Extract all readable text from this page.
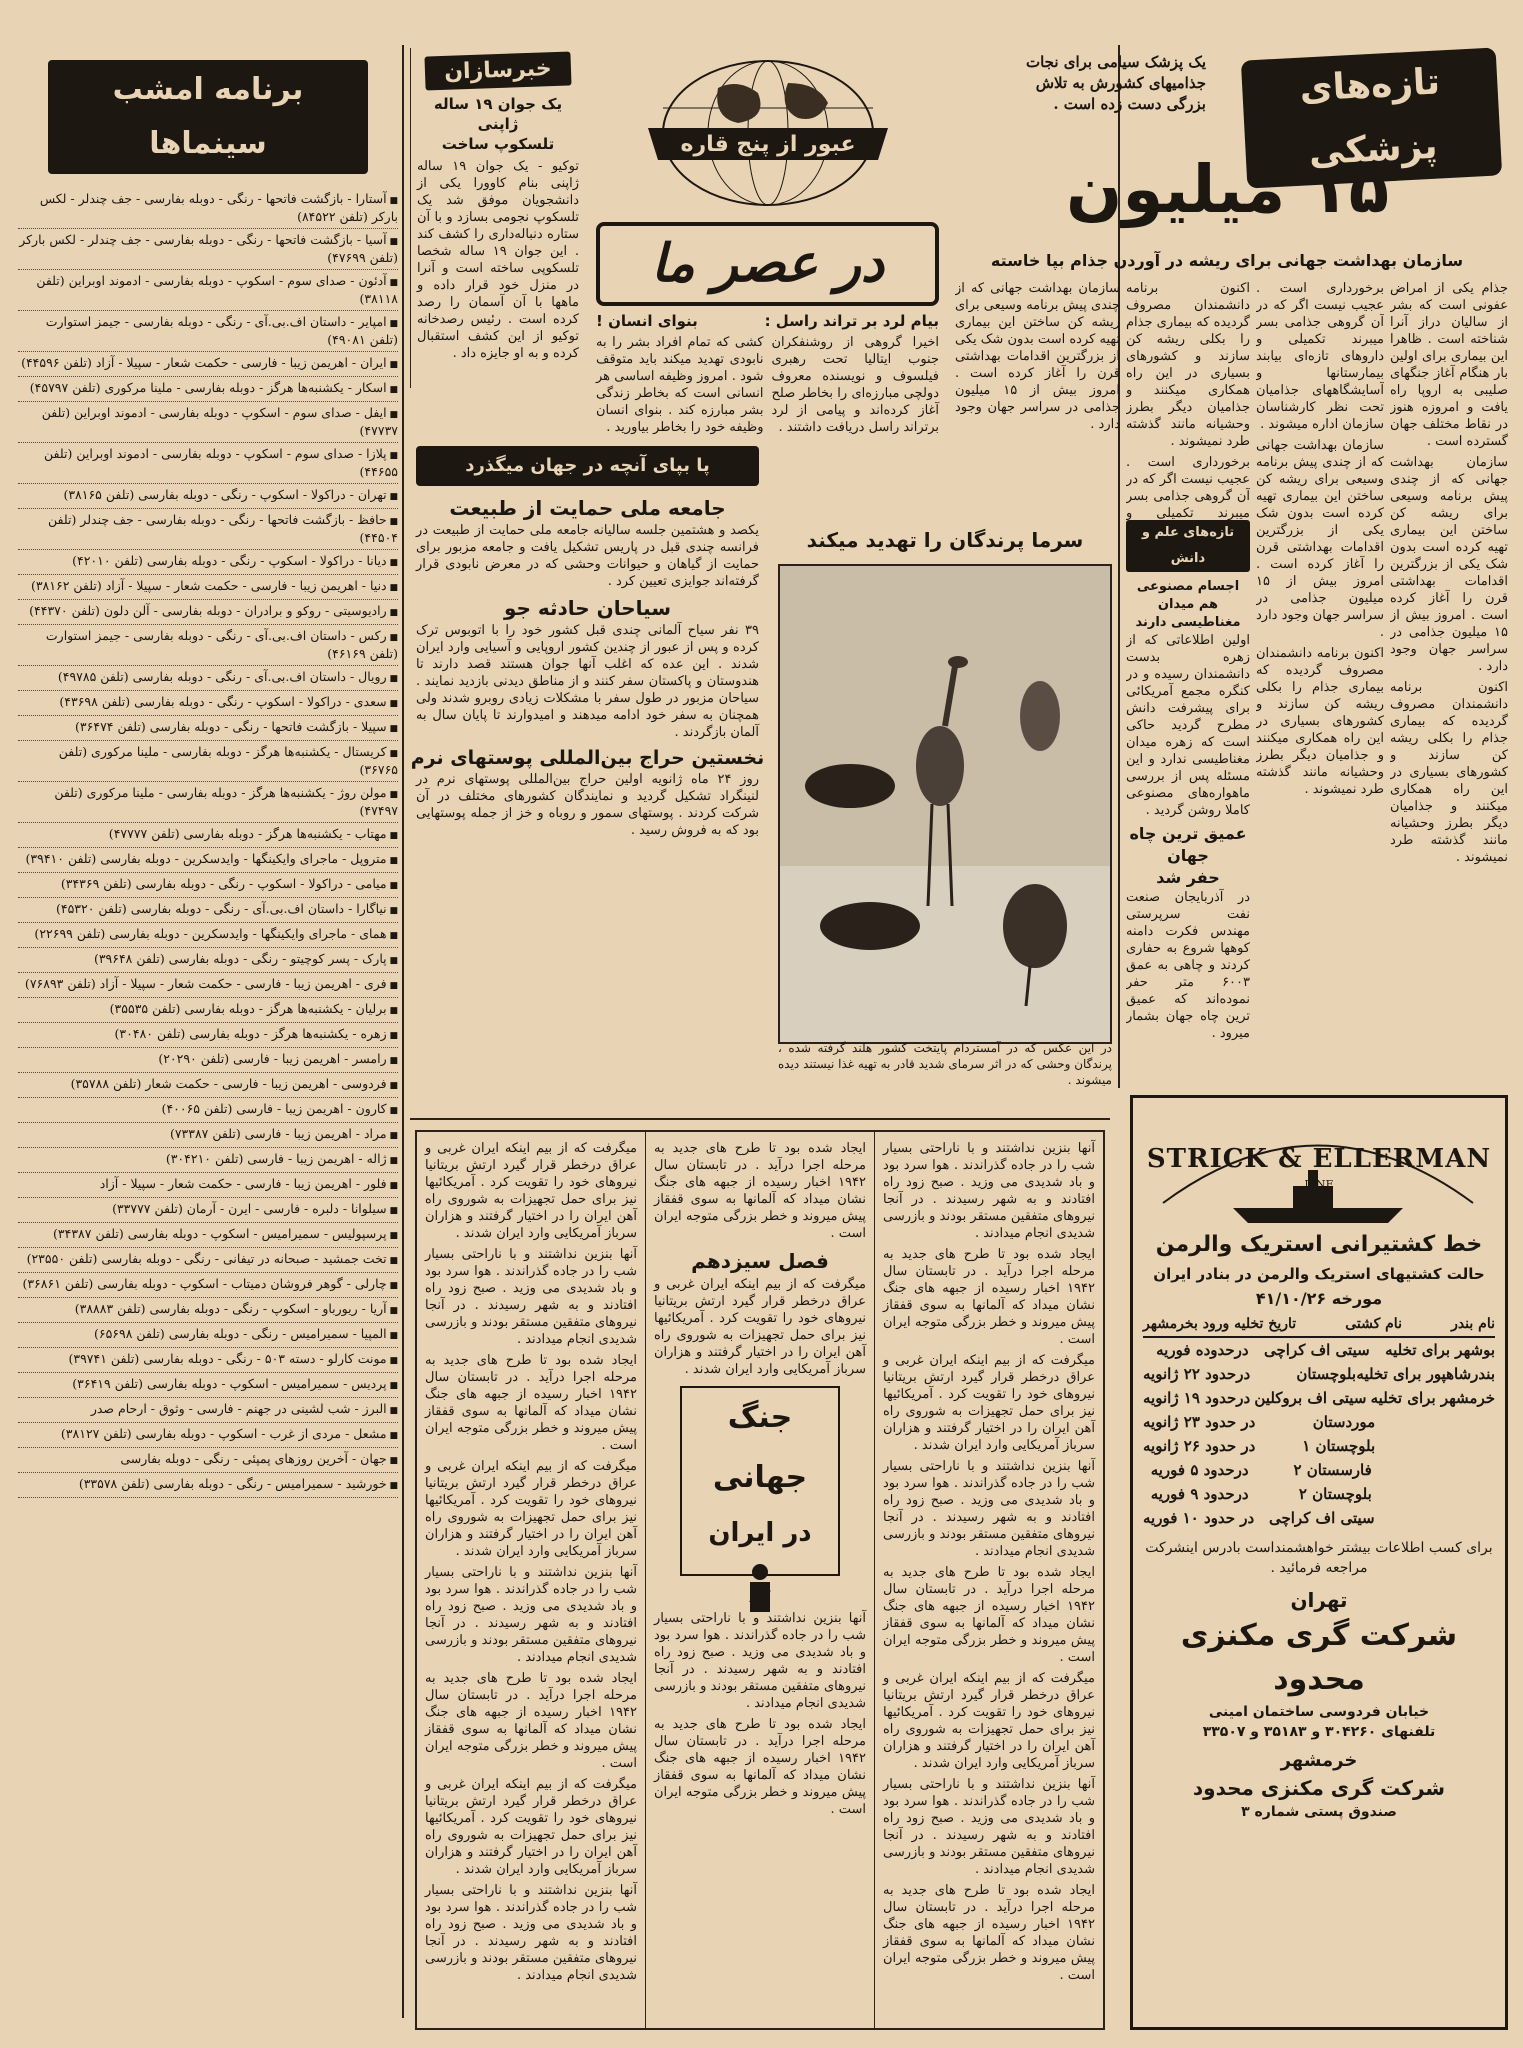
برنامه امشب سینماها
■ آستارا - بازگشت فاتحها - رنگی - دوبله بفارسی - جف چندلر - لکس بارکر (تلفن ۸۴۵۲۲)
■ آسیا - بازگشت فاتحها - رنگی - دوبله بفارسی - جف چندلر - لکس بارکر (تلفن ۴۷۶۹۹)
■ آدئون - صدای سوم - اسکوپ - دوبله بفارسی - ادموند اوبراین (تلفن ۳۸۱۱۸)
■ امپایر - داستان اف.بی.آی - رنگی - دوبله بفارسی - جیمز استوارت (تلفن ۴۹۰۸۱)
■ ایران - اهریمن زیبا - فارسی - حکمت شعار - سپیلا - آزاد (تلفن ۴۴۵۹۶)
■ اسکار - یکشنبه‌ها هرگز - دوبله بفارسی - ملینا مرکوری (تلفن ۴۵۷۹۷)
■ ایفل - صدای سوم - اسکوپ - دوبله بفارسی - ادموند اوبراین (تلفن ۴۷۷۳۷)
■ پلازا - صدای سوم - اسکوپ - دوبله بفارسی - ادموند اوبراین (تلفن ۴۴۶۵۵)
■ تهران - دراکولا - اسکوپ - رنگی - دوبله بفارسی (تلفن ۳۸۱۶۵)
■ حافظ - بازگشت فاتحها - رنگی - دوبله بفارسی - جف چندلر (تلفن ۴۴۵۰۴)
■ دیانا - دراکولا - اسکوپ - رنگی - دوبله بفارسی (تلفن ۴۲۰۱۰)
■ دنیا - اهریمن زیبا - فارسی - حکمت شعار - سپیلا - آزاد (تلفن ۳۸۱۶۲)
■ رادیوسیتی - روکو و برادران - دوبله بفارسی - آلن دلون (تلفن ۴۴۳۷۰)
■ رکس - داستان اف.بی.آی - رنگی - دوبله بفارسی - جیمز استوارت (تلفن ۴۶۱۶۹)
■ رویال - داستان اف.بی.آی - رنگی - دوبله بفارسی (تلفن ۴۹۷۸۵)
■ سعدی - دراکولا - اسکوپ - رنگی - دوبله بفارسی (تلفن ۴۳۶۹۸)
■ سپیلا - بازگشت فاتحها - رنگی - دوبله بفارسی (تلفن ۳۶۴۷۴)
■ کریستال - یکشنبه‌ها هرگز - دوبله بفارسی - ملینا مرکوری (تلفن ۳۶۷۶۵)
■ مولن روژ - یکشنبه‌ها هرگز - دوبله بفارسی - ملینا مرکوری (تلفن ۴۷۴۹۷)
■ مهتاب - یکشنبه‌ها هرگز - دوبله بفارسی (تلفن ۴۷۷۷۷)
■ متروپل - ماجرای وایکینگها - وایدسکرین - دوبله بفارسی (تلفن ۳۹۴۱۰)
■ میامی - دراکولا - اسکوپ - رنگی - دوبله بفارسی (تلفن ۳۴۳۶۹)
■ نیاگارا - داستان اف.بی.آی - رنگی - دوبله بفارسی (تلفن ۴۵۳۲۰)
■ همای - ماجرای وایکینگها - وایدسکرین - دوبله بفارسی (تلفن ۲۲۶۹۹)
■ پارک - پسر کوچیتو - رنگی - دوبله بفارسی (تلفن ۳۹۶۴۸)
■ فری - اهریمن زیبا - فارسی - حکمت شعار - سپیلا - آزاد (تلفن ۷۶۸۹۳)
■ برلیان - یکشنبه‌ها هرگز - دوبله بفارسی (تلفن ۳۵۵۳۵)
■ زهره - یکشنبه‌ها هرگز - دوبله بفارسی (تلفن ۳۰۴۸۰)
■ رامسر - اهریمن زیبا - فارسی (تلفن ۲۰۲۹۰)
■ فردوسی - اهریمن زیبا - فارسی - حکمت شعار (تلفن ۳۵۷۸۸)
■ کارون - اهریمن زیبا - فارسی (تلفن ۴۰۰۶۵)
■ مراد - اهریمن زیبا - فارسی (تلفن ۷۳۳۸۷)
■ ژاله - اهریمن زیبا - فارسی (تلفن ۳۰۴۲۱۰)
■ فلور - اهریمن زیبا - فارسی - حکمت شعار - سپیلا - آزاد
■ سیلوانا - دلبره - فارسی - ایرن - آرمان (تلفن ۳۳۷۷۷)
■ پرسپولیس - سمیرامیس - اسکوپ - دوبله بفارسی (تلفن ۳۴۳۸۷)
■ تخت جمشید - صبحانه در تیفانی - رنگی - دوبله بفارسی (تلفن ۲۳۵۵۰)
■ چارلی - گوهر فروشان دمیتاب - اسکوپ - دوبله بفارسی (تلفن ۳۶۸۶۱)
■ آریا - ریورباو - اسکوپ - رنگی - دوبله بفارسی (تلفن ۳۸۸۸۳)
■ المپیا - سمیرامیس - رنگی - دوبله بفارسی (تلفن ۶۵۶۹۸)
■ مونت کارلو - دسته ۵۰۳ - رنگی - دوبله بفارسی (تلفن ۳۹۷۴۱)
■ پردیس - سمیرامیس - اسکوپ - دوبله بفارسی (تلفن ۳۶۴۱۹)
■ البرز - شب لشینی در جهنم - فارسی - وثوق - ارحام صدر
■ مشعل - مردی از غرب - اسکوپ - دوبله بفارسی (تلفن ۳۸۱۲۷)
■ جهان - آخرین روزهای پمپئی - رنگی - دوبله بفارسی
■ خورشید - سمیرامیس - رنگی - دوبله بفارسی (تلفن ۳۳۵۷۸)
خبرسازان
یک جوان ۱۹ ساله ژاپنی
تلسکوپ ساخت

توکیو - یک جوان ۱۹ ساله ژاپنی بنام کاوورا یکی از دانشجویان موفق شد یک تلسکوپ نجومی بسازد و با آن ستاره دنباله‌داری را کشف کند . این جوان ۱۹ ساله شخصا تلسکوپی ساخته است و آنرا در منزل خود قرار داده و ماهها با آن آسمان را رصد کرده است . رئیس رصدخانه توکیو از این کشف استقبال کرده و به او جایزه داد .

عبور از پنج قاره
در عصر ما
بیام لرد بر تراند راسل :
بنوای انسان !

اخیرا گروهی از روشنفکران جنوب ایتالیا تحت رهبری فیلسوف و نویسنده معروف دولچی مبارزه‌ای را بخاطر صلح آغاز کرده‌اند و پیامی از لرد برتراند راسل دریافت داشتند .

کشی که تمام افراد بشر را به نابودی تهدید میکند باید متوقف شود . امروز وظیفه اساسی هر انسانی است که بخاطر زندگی بشر مبارزه کند . بنوای انسان وظیفه خود را بخاطر بیاورید .

تازه‌های پزشکی
یک پزشک سیامی برای نجات
جذامیهای کشورش به تلاش
بزرگی دست زده است .
۱۵ میلیون
سازمان بهداشت جهانی برای ریشه در آوردن جذام بپا خاسته

جذام یکی از امراض عفونی است که بشر از سالیان دراز آنرا شناخته است . ظاهرا این بیماری برای اولین بار هنگام آغاز جنگهای صلیبی به اروپا راه یافت و امروزه هنوز در نقاط مختلف جهان گسترده است .

سازمان بهداشت جهانی که از چندی پیش برنامه وسیعی برای ریشه کن ساختن این بیماری تهیه کرده است بدون شک یکی از بزرگترین اقدامات بهداشتی قرن را آغاز کرده است . امروز بیش از ۱۵ میلیون جذامی در سراسر جهان وجود دارد .

اکنون برنامه دانشمندان مصروف گردیده که بیماری جذام را بکلی ریشه کن سازند و کشورهای بسیاری در این راه همکاری میکنند و جذامیان دیگر بطرز وحشیانه مانند گذشته طرد نمیشوند .

برخورداری است . عجیب نیست اگر که در آن گروهی جذامی بسر میبرند تکمیلی و داروهای تازه‌ای بیابند بیمارستانها و آسایشگاههای جذامیان تحت نظر کارشناسان سازمان اداره میشوند .

سازمان بهداشت جهانی که از چندی پیش برنامه وسیعی برای ریشه کن ساختن این بیماری تهیه کرده است بدون شک یکی از بزرگترین اقدامات بهداشتی قرن را آغاز کرده است . امروز بیش از ۱۵ میلیون جذامی در سراسر جهان وجود دارد .

اکنون برنامه دانشمندان مصروف گردیده که بیماری جذام را بکلی ریشه کن سازند و کشورهای بسیاری در این راه همکاری میکنند و جذامیان دیگر بطرز وحشیانه مانند گذشته طرد نمیشوند .

اکنون برنامه دانشمندان مصروف گردیده که بیماری جذام را بکلی ریشه کن سازند و کشورهای بسیاری در این راه همکاری میکنند و جذامیان دیگر بطرز وحشیانه مانند گذشته طرد نمیشوند .

برخورداری است . عجیب نیست اگر که در آن گروهی جذامی بسر میبرند تکمیلی و

سازمان بهداشت جهانی که از چندی پیش برنامه وسیعی برای ریشه کن ساختن این بیماری تهیه کرده است بدون شک یکی از بزرگترین اقدامات بهداشتی قرن را آغاز کرده است . امروز بیش از ۱۵ میلیون جذامی در سراسر جهان وجود دارد .

تازه‌های علم و دانش
اجسام مصنوعی هم میدان
مغناطیسی دارند

اولین اطلاعاتی که از زهره بدست دانشمندان رسیده و در کنگره مجمع آمریکائی برای پیشرفت دانش مطرح گردید حاکی است که زهره میدان مغناطیسی ندارد و این مسئله پس از بررسی ماهواره‌های مصنوعی کاملا روشن گردید .

عمیق ترین چاه جهان
حفر شد

در آذربایجان صنعت نفت سرپرستی مهندس فکرت دامنه کوهها شروع به حفاری کردند و چاهی به عمق ۶۰۰۳ متر حفر نموده‌اند که عمیق ترین چاه جهان بشمار میرود .

سرما پرندگان را تهدید میکند

در این عکس که در آمستردام پایتخت کشور هلند گرفته شده ، پرندگان وحشی که در اثر سرمای شدید قادر به تهیه غذا نیستند دیده میشوند .

پا بپای آنچه در جهان میگذرد
جامعه ملی حمایت از طبیعت

یکصد و هشتمین جلسه سالیانه جامعه ملی حمایت از طبیعت در فرانسه چندی قبل در پاریس تشکیل یافت و جامعه مزبور برای حمایت از گیاهان و حیوانات وحشی که در معرض نابودی قرار گرفته‌اند جوایزی تعیین کرد .

سیاحان حادثه جو

۳۹ نفر سیاح آلمانی چندی قبل کشور خود را با اتوبوس ترک کرده و پس از عبور از چندین کشور اروپایی و آسیایی وارد ایران شدند . این عده که اغلب آنها جوان هستند قصد دارند تا هندوستان و پاکستان سفر کنند و از مناطق دیدنی بازدید نمایند . سیاحان مزبور در طول سفر با مشکلات زیادی روبرو شدند ولی همچنان به سفر خود ادامه میدهند و امیدوارند تا پایان سال به آلمان بازگردند .

نخستین حراج بین‌المللی پوستهای نرم

روز ۲۴ ماه ژانویه اولین حراج بین‌المللی پوستهای نرم در لنینگراد تشکیل گردید و نمایندگان کشورهای مختلف در آن شرکت کردند . پوستهای سمور و روباه و خز از جمله پوستهایی بود که به فروش رسید .

آنها بنزین نداشتند و با ناراحتی بسیار شب را در جاده گذراندند . هوا سرد بود و باد شدیدی می وزید . صبح زود راه افتادند و به شهر رسیدند . در آنجا نیروهای متفقین مستقر بودند و بازرسی شدیدی انجام میدادند .

ایجاد شده بود تا طرح های جدید به مرحله اجرا درآید . در تابستان سال ۱۹۴۲ اخبار رسیده از جبهه های جنگ نشان میداد که آلمانها به سوی قفقاز پیش میروند و خطر بزرگی متوجه ایران است .

میگرفت که از بیم اینکه ایران غربی و عراق درخطر قرار گیرد ارتش بریتانیا نیروهای خود را تقویت کرد . آمریکائیها نیز برای حمل تجهیزات به شوروی راه آهن ایران را در اختیار گرفتند و هزاران سرباز آمریکایی وارد ایران شدند .

آنها بنزین نداشتند و با ناراحتی بسیار شب را در جاده گذراندند . هوا سرد بود و باد شدیدی می وزید . صبح زود راه افتادند و به شهر رسیدند . در آنجا نیروهای متفقین مستقر بودند و بازرسی شدیدی انجام میدادند .

ایجاد شده بود تا طرح های جدید به مرحله اجرا درآید . در تابستان سال ۱۹۴۲ اخبار رسیده از جبهه های جنگ نشان میداد که آلمانها به سوی قفقاز پیش میروند و خطر بزرگی متوجه ایران است .

میگرفت که از بیم اینکه ایران غربی و عراق درخطر قرار گیرد ارتش بریتانیا نیروهای خود را تقویت کرد . آمریکائیها نیز برای حمل تجهیزات به شوروی راه آهن ایران را در اختیار گرفتند و هزاران سرباز آمریکایی وارد ایران شدند .

آنها بنزین نداشتند و با ناراحتی بسیار شب را در جاده گذراندند . هوا سرد بود و باد شدیدی می وزید . صبح زود راه افتادند و به شهر رسیدند . در آنجا نیروهای متفقین مستقر بودند و بازرسی شدیدی انجام میدادند .

ایجاد شده بود تا طرح های جدید به مرحله اجرا درآید . در تابستان سال ۱۹۴۲ اخبار رسیده از جبهه های جنگ نشان میداد که آلمانها به سوی قفقاز پیش میروند و خطر بزرگی متوجه ایران است .

ایجاد شده بود تا طرح های جدید به مرحله اجرا درآید . در تابستان سال ۱۹۴۲ اخبار رسیده از جبهه های جنگ نشان میداد که آلمانها به سوی قفقاز پیش میروند و خطر بزرگی متوجه ایران است .

فصل سیزدهم

میگرفت که از بیم اینکه ایران غربی و عراق درخطر قرار گیرد ارتش بریتانیا نیروهای خود را تقویت کرد . آمریکائیها نیز برای حمل تجهیزات به شوروی راه آهن ایران را در اختیار گرفتند و هزاران سرباز آمریکایی وارد ایران شدند .

جنگ جهانی
در ایران
۸۷

آنها بنزین نداشتند و با ناراحتی بسیار شب را در جاده گذراندند . هوا سرد بود و باد شدیدی می وزید . صبح زود راه افتادند و به شهر رسیدند . در آنجا نیروهای متفقین مستقر بودند و بازرسی شدیدی انجام میدادند .

ایجاد شده بود تا طرح های جدید به مرحله اجرا درآید . در تابستان سال ۱۹۴۲ اخبار رسیده از جبهه های جنگ نشان میداد که آلمانها به سوی قفقاز پیش میروند و خطر بزرگی متوجه ایران است .

میگرفت که از بیم اینکه ایران غربی و عراق درخطر قرار گیرد ارتش بریتانیا نیروهای خود را تقویت کرد . آمریکائیها نیز برای حمل تجهیزات به شوروی راه آهن ایران را در اختیار گرفتند و هزاران سرباز آمریکایی وارد ایران شدند .

آنها بنزین نداشتند و با ناراحتی بسیار شب را در جاده گذراندند . هوا سرد بود و باد شدیدی می وزید . صبح زود راه افتادند و به شهر رسیدند . در آنجا نیروهای متفقین مستقر بودند و بازرسی شدیدی انجام میدادند .

ایجاد شده بود تا طرح های جدید به مرحله اجرا درآید . در تابستان سال ۱۹۴۲ اخبار رسیده از جبهه های جنگ نشان میداد که آلمانها به سوی قفقاز پیش میروند و خطر بزرگی متوجه ایران است .

میگرفت که از بیم اینکه ایران غربی و عراق درخطر قرار گیرد ارتش بریتانیا نیروهای خود را تقویت کرد . آمریکائیها نیز برای حمل تجهیزات به شوروی راه آهن ایران را در اختیار گرفتند و هزاران سرباز آمریکایی وارد ایران شدند .

آنها بنزین نداشتند و با ناراحتی بسیار شب را در جاده گذراندند . هوا سرد بود و باد شدیدی می وزید . صبح زود راه افتادند و به شهر رسیدند . در آنجا نیروهای متفقین مستقر بودند و بازرسی شدیدی انجام میدادند .

ایجاد شده بود تا طرح های جدید به مرحله اجرا درآید . در تابستان سال ۱۹۴۲ اخبار رسیده از جبهه های جنگ نشان میداد که آلمانها به سوی قفقاز پیش میروند و خطر بزرگی متوجه ایران است .

میگرفت که از بیم اینکه ایران غربی و عراق درخطر قرار گیرد ارتش بریتانیا نیروهای خود را تقویت کرد . آمریکائیها نیز برای حمل تجهیزات به شوروی راه آهن ایران را در اختیار گرفتند و هزاران سرباز آمریکایی وارد ایران شدند .

آنها بنزین نداشتند و با ناراحتی بسیار شب را در جاده گذراندند . هوا سرد بود و باد شدیدی می وزید . صبح زود راه افتادند و به شهر رسیدند . در آنجا نیروهای متفقین مستقر بودند و بازرسی شدیدی انجام میدادند .

STRICK & ELLERMAN
LINE
خط کشتیرانی استریک والرمن
حالت کشتیهای استریک والرمن در بنادر ایران
مورخه ۴۱/۱۰/۲۶
نام بندر
نام کشتی
تاریخ تخلیه ورود بخرمشهر
بوشهر برای تخلیه
سیتی اف کراچی
درحدوده فوریه
بندرشاهپور برای تخلیه
بلوچستان
درحدود ۲۲ ژانویه
خرمشهر برای تخلیه
سیتی اف بروکلین
درحدود ۱۹ ژانویه
موردستان
در حدود ۲۳ ژانویه
بلوچستان ۱
در حدود ۲۶ ژانویه
فارسستان ۲
درحدود ۵ فوریه
بلوچستان ۲
درحدود ۹ فوریه
سیتی اف کراچی
در حدود ۱۰ فوریه
برای کسب اطلاعات بیشتر خواهشمنداست بادرس اینشرکت مراجعه فرمائید .
تهران
شرکت گری مکنزی محدود
خیابان فردوسی ساختمان امینی
تلفنهای ۳۰۴۲۶۰ و ۳۵۱۸۳ و ۳۳۵۰۷
خرمشهر
شرکت گری مکنزی محدود
صندوق پستی شماره ۳
